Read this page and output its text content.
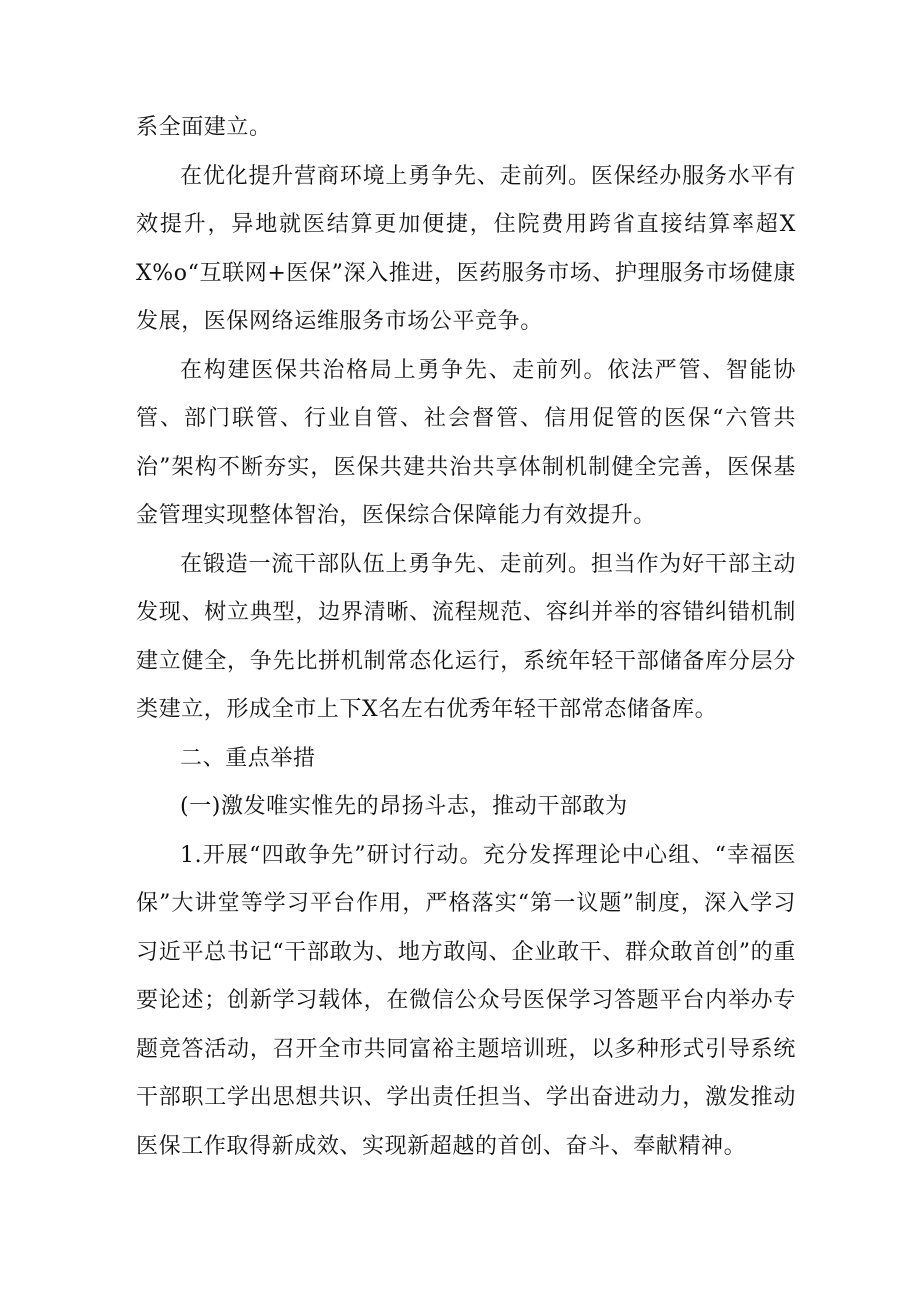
系全面建立。

在优化提升营商环境上勇争先、走前列。医保经办服务水平有效提升，异地就医结算更加便捷，住院费用跨省直接结算率超XX%o“互联网+医保”深入推进，医药服务市场、护理服务市场健康发展，医保网络运维服务市场公平竞争。

在构建医保共治格局上勇争先、走前列。依法严管、智能协管、部门联管、行业自管、社会督管、信用促管的医保“六管共治”架构不断夯实，医保共建共治共享体制机制健全完善，医保基金管理实现整体智治，医保综合保障能力有效提升。

在锻造一流干部队伍上勇争先、走前列。担当作为好干部主动发现、树立典型，边界清晰、流程规范、容纠并举的容错纠错机制建立健全，争先比拼机制常态化运行，系统年轻干部储备库分层分类建立，形成全市上下X名左右优秀年轻干部常态储备库。

二、重点举措

(一)激发唯实惟先的昂扬斗志，推动干部敢为

1.开展“四敢争先”研讨行动。充分发挥理论中心组、“幸福医保”大讲堂等学习平台作用，严格落实“第一议题”制度，深入学习习近平总书记“干部敢为、地方敢闯、企业敢干、群众敢首创”的重要论述；创新学习载体，在微信公众号医保学习答题平台内举办专题竞答活动，召开全市共同富裕主题培训班，以多种形式引导系统干部职工学出思想共识、学出责任担当、学出奋进动力，激发推动医保工作取得新成效、实现新超越的首创、奋斗、奉献精神。
